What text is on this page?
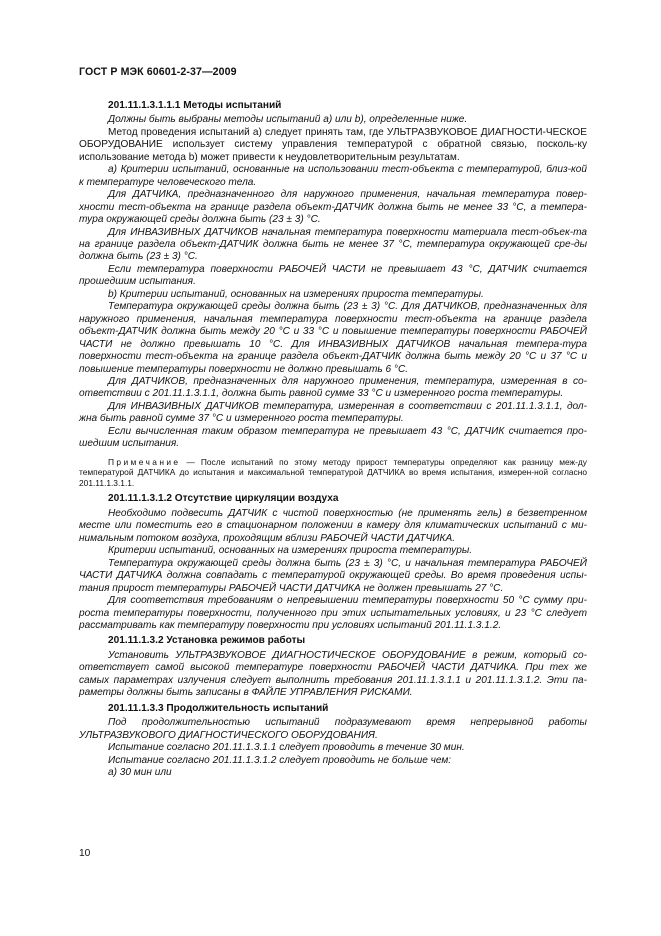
ГОСТ Р МЭК 60601-2-37—2009

201.11.1.3.1.1.1 Методы испытаний

Должны быть выбраны методы испытаний a) или b), определенные ниже.

Метод проведения испытаний а) следует принять там, где УЛЬТРАЗВУКОВОЕ ДИАГНОСТИ-ЧЕСКОЕ ОБОРУДОВАНИЕ использует систему управления температурой с обратной связью, посколь-ку использование метода b) может привести к неудовлетворительным результатам.

a) Критерии испытаний, основанные на использовании тест-объекта с температурой, близ-кой к температуре человеческого тела.

Для ДАТЧИКА, предназначенного для наружного применения, начальная температура повер-хности тест-объекта на границе раздела объект-ДАТЧИК должна быть не менее 33 °С, а темпера-тура окружающей среды должна быть (23 ± 3) °С.

Для ИНВАЗИВНЫХ ДАТЧИКОВ начальная температура поверхности материала тест-объек-та на границе раздела объект-ДАТЧИК должна быть не менее 37 °С, температура окружающей сре-ды должна быть (23 ± 3) °С.

Если температура поверхности РАБОЧЕЙ ЧАСТИ не превышает 43 °С, ДАТЧИК считается прошедшим испытания.

b) Критерии испытаний, основанных на измерениях прироста температуры.

Температура окружающей среды должна быть (23 ± 3) °С. Для ДАТЧИКОВ, предназначенных для наружного применения, начальная температура поверхности тест-объекта на границе раздела объект-ДАТЧИК должна быть между 20 °С и 33 °С и повышение температуры поверхности РАБОЧЕЙ ЧАСТИ не должно превышать 10 °С. Для ИНВАЗИВНЫХ ДАТЧИКОВ начальная темпера-тура поверхности тест-объекта на границе раздела объект-ДАТЧИК должна быть между 20 °С и 37 °С и повышение температуры поверхности не должно превышать 6 °С.

Для ДАТЧИКОВ, предназначенных для наружного применения, температура, измеренная в со-ответствии с 201.11.1.3.1.1, должна быть равной сумме 33 °С и измеренного роста температуры.

Для ИНВАЗИВНЫХ ДАТЧИКОВ температура, измеренная в соответствии с 201.11.1.3.1.1, дол-жна быть равной сумме 37 °С и измеренного роста температуры.

Если вычисленная таким образом температура не превышает 43 °С, ДАТЧИК считается про-шедшим испытания.

Примечание — После испытаний по этому методу прирост температуры определяют как разницу меж-ду температурой ДАТЧИКА до испытания и максимальной температурой ДАТЧИКА во время испытания, измерен-ной согласно 201.11.1.3.1.1.

201.11.1.3.1.2 Отсутствие циркуляции воздуха

Необходимо подвесить ДАТЧИК с чистой поверхностью (не применять гель) в безветренном месте или поместить его в стационарном положении в камеру для климатических испытаний с ми-нимальным потоком воздуха, проходящим вблизи РАБОЧЕЙ ЧАСТИ ДАТЧИКА.

Критерии испытаний, основанных на измерениях прироста температуры.

Температура окружающей среды должна быть (23 ± 3) °С, и начальная температура РАБОЧЕЙ ЧАСТИ ДАТЧИКА должна совпадать с температурой окружающей среды. Во время проведения испы-тания прирост температуры РАБОЧЕЙ ЧАСТИ ДАТЧИКА не должен превышать 27 °С.

Для соответствия требованиям о непревышении температуры поверхности 50 °С сумму при-роста температуры поверхности, полученного при этих испытательных условиях, и 23 °С следует рассматривать как температуру поверхности при условиях испытаний 201.11.1.3.1.2.

201.11.1.3.2 Установка режимов работы

Установить УЛЬТРАЗВУКОВОЕ ДИАГНОСТИЧЕСКОЕ ОБОРУДОВАНИЕ в режим, который со-ответствует самой высокой температуре поверхности РАБОЧЕЙ ЧАСТИ ДАТЧИКА. При тех же самых параметрах излучения следует выполнить требования 201.11.1.3.1.1 и 201.11.1.3.1.2. Эти па-раметры должны быть записаны в ФАЙЛЕ УПРАВЛЕНИЯ РИСКАМИ.

201.11.1.3.3 Продолжительность испытаний

Под продолжительностью испытаний подразумевают время непрерывной работы УЛЬТРАЗВУКОВОГО ДИАГНОСТИЧЕСКОГО ОБОРУДОВАНИЯ.

Испытание согласно 201.11.1.3.1.1 следует проводить в течение 30 мин.

Испытание согласно 201.11.1.3.1.2 следует проводить не больше чем:

а) 30 мин или

10
